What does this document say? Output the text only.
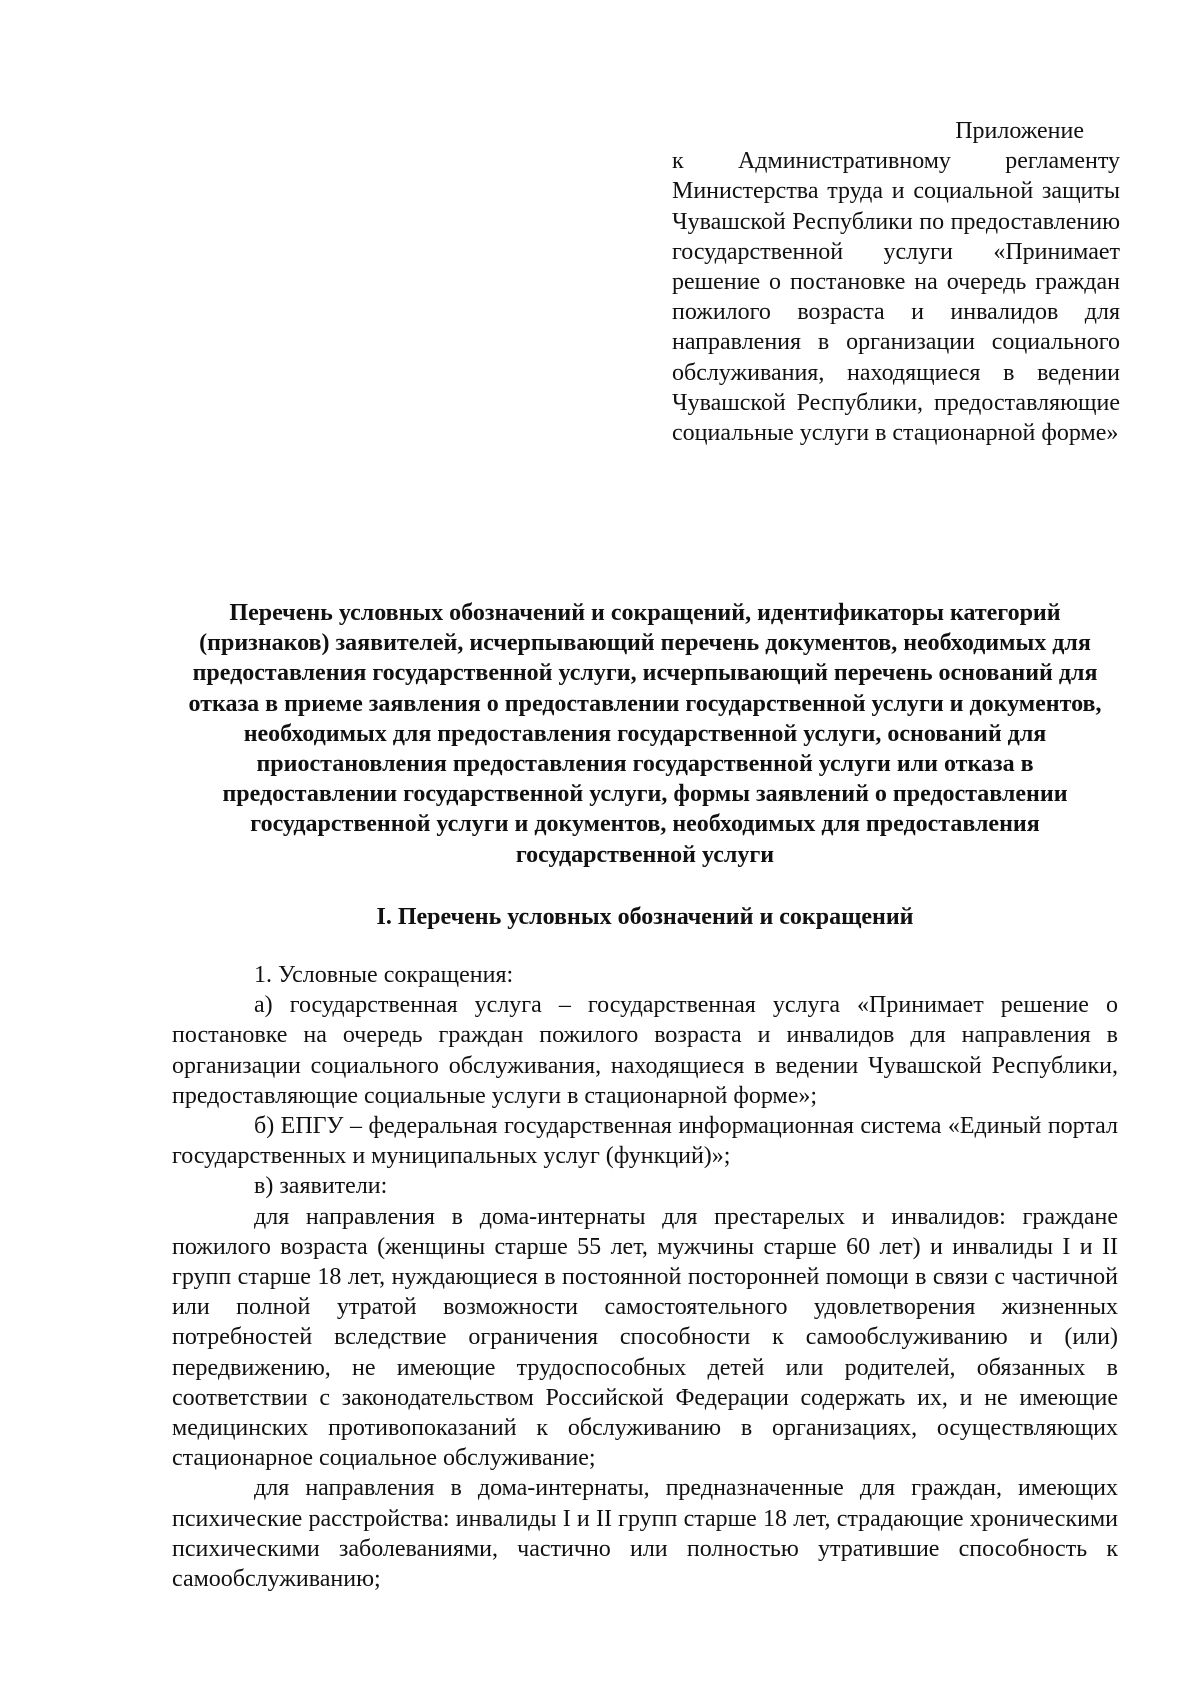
Приложение
к Административному регламенту Министерства труда и социальной защиты Чувашской Республики по предоставлению государственной услуги «Принимает решение о постановке на очередь граждан пожилого возраста и инвалидов для направления в организации социального обслуживания, находящиеся в ведении Чувашской Республики, предоставляющие социальные услуги в стационарной форме»
Перечень условных обозначений и сокращений, идентификаторы категорий (признаков) заявителей, исчерпывающий перечень документов, необходимых для предоставления государственной услуги, исчерпывающий перечень оснований для отказа в приеме заявления о предоставлении государственной услуги и документов, необходимых для предоставления государственной услуги, оснований для приостановления предоставления государственной услуги или отказа в предоставлении государственной услуги, формы заявлений о предоставлении государственной услуги и документов, необходимых для предоставления государственной услуги
I. Перечень условных обозначений и сокращений

1. Условные сокращения:

а) государственная услуга – государственная услуга «Принимает решение о постановке на очередь граждан пожилого возраста и инвалидов для направления в организации социального обслуживания, находящиеся в ведении Чувашской Республики, предоставляющие социальные услуги в стационарной форме»;

б) ЕПГУ – федеральная государственная информационная система «Единый портал государственных и муниципальных услуг (функций)»;

в) заявители:

для направления в дома-интернаты для престарелых и инвалидов: граждане пожилого возраста (женщины старше 55 лет, мужчины старше 60 лет) и инвалиды I и II групп старше 18 лет, нуждающиеся в постоянной посторонней помощи в связи с частичной или полной утратой возможности самостоятельного удовлетворения жизненных потребностей вследствие ограничения способности к самообслуживанию и (или) передвижению, не имеющие трудоспособных детей или родителей, обязанных в соответствии с законодательством Российской Федерации содержать их, и не имеющие медицинских противопоказаний к обслуживанию в организациях, осуществляющих стационарное социальное обслуживание;

для направления в дома-интернаты, предназначенные для граждан, имеющих психические расстройства: инвалиды I и II групп старше 18 лет, страдающие хроническими психическими заболеваниями, частично или полностью утратившие способность к самообслуживанию;
